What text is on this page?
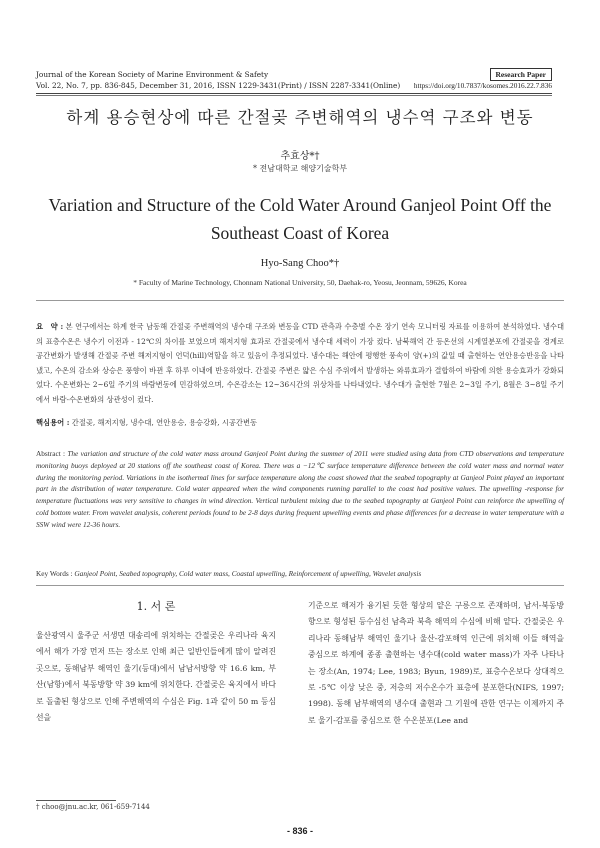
Journal of the Korean Society of Marine Environment & Safety
Vol. 22, No. 7, pp. 836-845, December 31, 2016, ISSN 1229-3431(Print) / ISSN 2287-3341(Online)
Research Paper
https://doi.org/10.7837/kosomes.2016.22.7.836
하계 용승현상에 따른 간절곶 주변해역의 냉수역 구조와 변동
추효상*†
* 전남대학교 해양기술학부
Variation and Structure of the Cold Water Around Ganjeol Point Off the Southeast Coast of Korea
Hyo-Sang Choo*†
* Faculty of Marine Technology, Chonnam National University, 50, Daehak-ro, Yeosu, Jeonnam, 59626, Korea
요　약 : 본 연구에서는 하계 한국 남동해 간절곶 주변해역의 냉수대 구조와 변동을 CTD 관측과 수층별 수온 장기 연속 모니터링 자료를 이용하여 분석하였다. 냉수대의 표층수온은 냉수기 이전과 - 12℃의 차이를 보였으며 해저지형 효과로 간절곶에서 냉수대 세력이 가장 컸다. 남북해역 간 등온선의 시계열분포에 간절곶을 경계로 공간변화가 발생해 간절곶 주변 해저지형이 언덕(hill)역할을 하고 있음이 추정되었다. 냉수대는 해안에 평행한 풍속이 양(+)의 값일 때 출현하는 연안용승반응을 나타냈고, 수온의 감소와 상승은 풍향이 바뀐 후 하루 이내에 반응하였다. 간절곶 주변은 얇은 수심 주위에서 발생하는 와류효과가 결합하여 바람에 의한 용승효과가 강화되었다. 수온변화는 2~6일 주기의 바람변동에 민감하였으며, 수온감소는 12~36시간의 위상차를 나타내었다. 냉수대가 출현한 7월은 2~3일 주기, 8월은 3~8일 주기에서 바람-수온변화의 상관성이 컸다.
핵심용어 : 간절곶, 해저지형, 냉수대, 연안용승, 용승강화, 시공간변동
Abstract : The variation and structure of the cold water mass around Ganjeol Point during the summer of 2011 were studied using data from CTD observations and temperature monitoring buoys deployed at 20 stations off the southeast coast of Korea. There was a −12℃ surface temperature difference between the cold water mass and normal water during the monitoring period. Variations in the isothermal lines for surface temperature along the coast showed that the seabed topography at Ganjeol Point played an important part in the distribution of water temperature. Cold water appeared when the wind components running parallel to the coast had positive values. The upwelling -response for temperature fluctuations was very sensitive to changes in wind direction. Vertical turbulent mixing due to the seabed topography at Ganjeol Point can reinforce the upwelling of cold bottom water. From wavelet analysis, coherent periods found to be 2-8 days during frequent upwelling events and phase differences for a decrease in water temperature with a SSW wind were 12-36 hours.
Key Words : Ganjeol Point, Seabed topography, Cold water mass, Coastal upwelling, Reinforcement of upwelling, Wavelet analysis
1. 서 론
울산광역시 울주군 서생면 대송리에 위치하는 간절곶은 우리나라 육지에서 해가 가장 먼저 뜨는 장소로 인해 최근 일반인들에게 많이 알려진 곳으로, 동해남부 해역인 울기(등대)에서 남남서방향 약 16.6 km, 부산(남항)에서 북동방향 약 39 km에 위치한다. 간절곶은 육지에서 바다로 돌출된 형상으로 인해 주변해역의 수심은 Fig. 1과 같이 50 m 등심선을
기준으로 해저가 융기된 듯한 형상의 얕은 구릉으로 존재하며, 남서-북동방향으로 형성된 등수심선 남측과 북측 해역의 수심에 비해 얕다. 간절곶은 우리나라 동해남부 해역인 울기나 울산-감포해역 인근에 위치해 이들 해역을 중심으로 하계에 종종 출현하는 냉수대(cold water mass)가 자주 나타나는 장소(An, 1974; Lee, 1983; Byun, 1989)로, 표층수온보다 상대적으로 -5℃ 이상 낮은 중, 저층의 저수온수가 표층에 분포한다(NIFS, 1997; 1998). 동해 남부해역의 냉수대 출현과 그 기원에 관한 연구는 이제까지 주로 울기-감포를 중심으로 한 수온분포(Lee and
† choo@jnu.ac.kr, 061-659-7144
- 836 -
